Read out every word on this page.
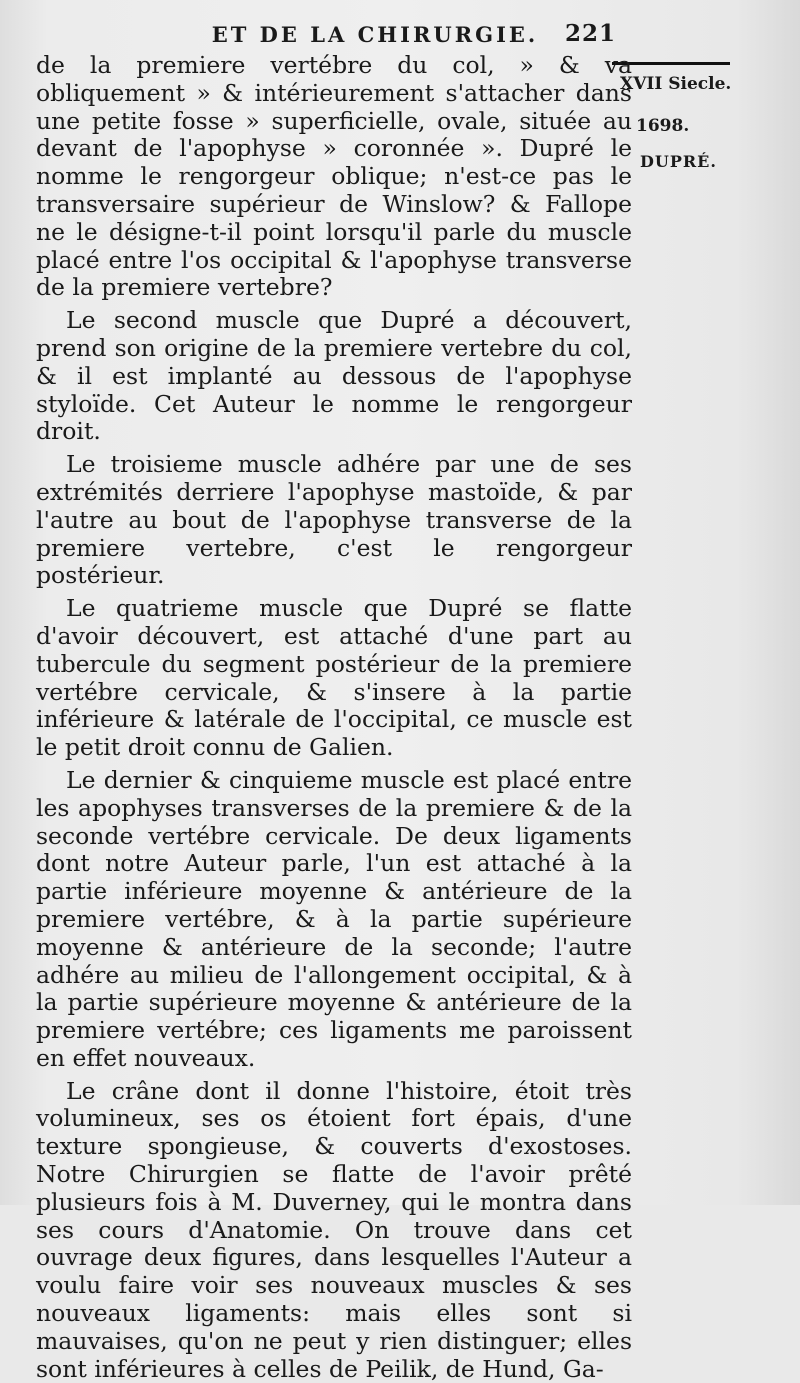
ET DE LA CHIRURGIE.	221
XVII Siecle.
1698.
DUPRÉ.

de la premiere vertébre du col, » & va obliquement » & intérieurement s'attacher dans une petite fosse » superficielle, ovale, située au devant de l'apophyse » coronnée ». Dupré le nomme le rengorgeur oblique; n'est-ce pas le transversaire supérieur de Winslow? & Fallope ne le désigne-t-il point lorsqu'il parle du muscle placé entre l'os occipital & l'apophyse transverse de la premiere vertebre?

Le second muscle que Dupré a découvert, prend son origine de la premiere vertebre du col, & il est implanté au dessous de l'apophyse styloïde. Cet Auteur le nomme le rengorgeur droit.

Le troisieme muscle adhére par une de ses extrémités derriere l'apophyse mastoïde, & par l'autre au bout de l'apophyse transverse de la premiere vertebre, c'est le rengorgeur postérieur.

Le quatrieme muscle que Dupré se flatte d'avoir découvert, est attaché d'une part au tubercule du segment postérieur de la premiere vertébre cervicale, & s'insere à la partie inférieure & latérale de l'occipital, ce muscle est le petit droit connu de Galien.

Le dernier & cinquieme muscle est placé entre les apophyses transverses de la premiere & de la seconde vertébre cervicale. De deux ligaments dont notre Auteur parle, l'un est attaché à la partie inférieure moyenne & antérieure de la premiere vertébre, & à la partie supérieure moyenne & antérieure de la seconde; l'autre adhére au milieu de l'allongement occipital, & à la partie supérieure moyenne & antérieure de la premiere vertébre; ces ligaments me paroissent en effet nouveaux.

Le crâne dont il donne l'histoire, étoit très volumineux, ses os étoient fort épais, d'une texture spongieuse, & couverts d'exostoses. Notre Chirurgien se flatte de l'avoir prêté plusieurs fois à M. Duverney, qui le montra dans ses cours d'Anatomie. On trouve dans cet ouvrage deux figures, dans lesquelles l'Auteur a voulu faire voir ses nouveaux muscles & ses nouveaux ligaments: mais elles sont si mauvaises, qu'on ne peut y rien distinguer; elles sont inférieures à celles de Peilik, de Hund, Ga-
